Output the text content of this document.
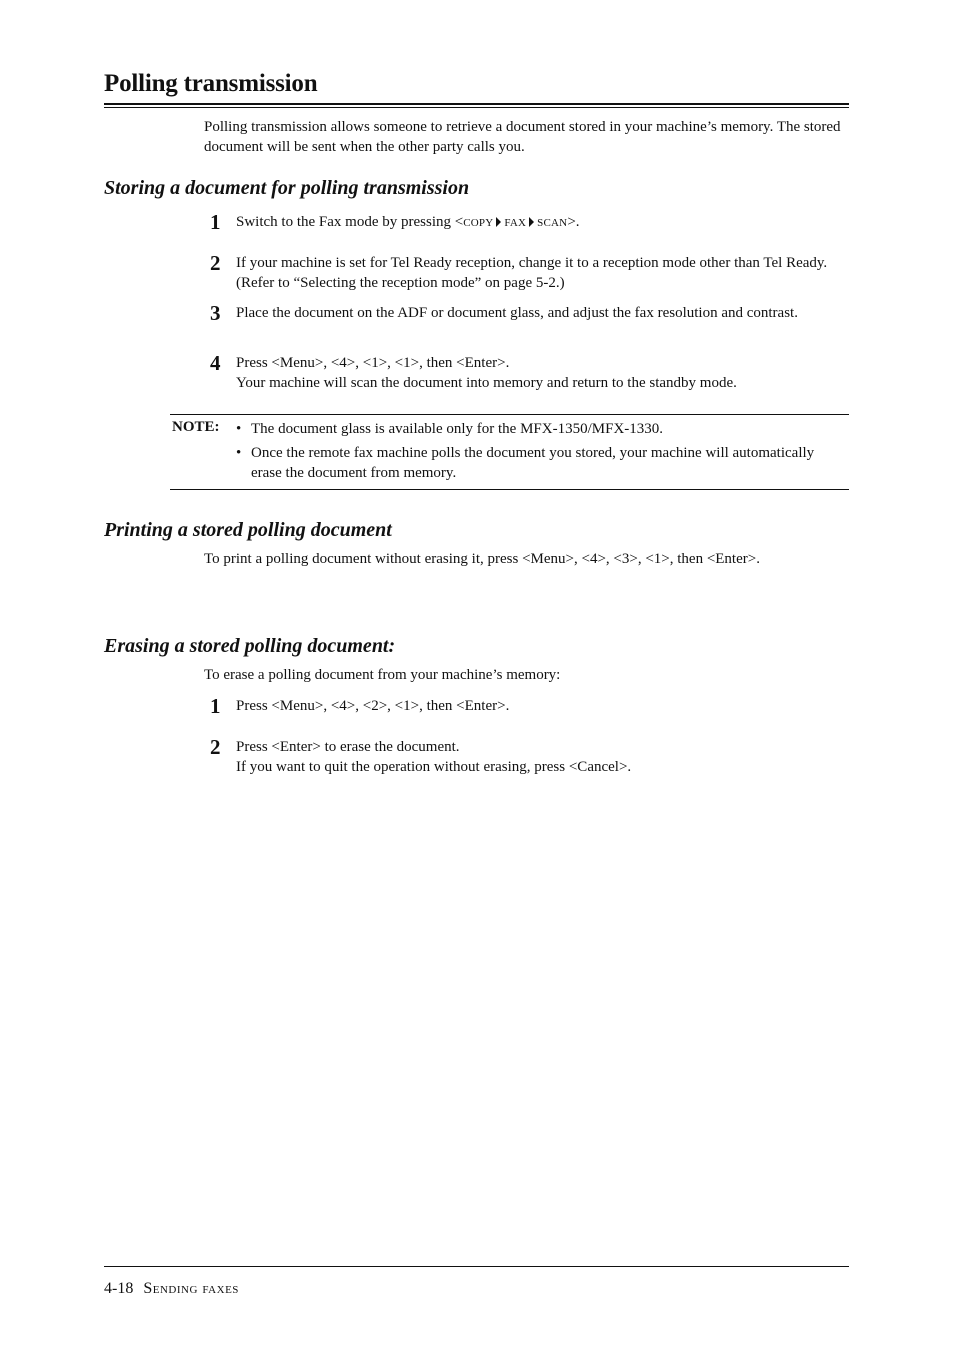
Polling transmission
Polling transmission allows someone to retrieve a document stored in your machine’s memory. The stored document will be sent when the other party calls you.
Storing a document for polling transmission
1 Switch to the Fax mode by pressing <COPY FAX SCAN>.
2 If your machine is set for Tel Ready reception, change it to a reception mode other than Tel Ready. (Refer to “Selecting the reception mode” on page 5-2.)
3 Place the document on the ADF or document glass, and adjust the fax resolution and contrast.
4 Press <Menu>, <4>, <1>, <1>, then <Enter>.
Your machine will scan the document into memory and return to the standby mode.
NOTE: • The document glass is available only for the MFX-1350/MFX-1330.
• Once the remote fax machine polls the document you stored, your machine will automatically erase the document from memory.
Printing a stored polling document
To print a polling document without erasing it, press <Menu>, <4>, <3>, <1>, then <Enter>.
Erasing a stored polling document:
To erase a polling document from your machine’s memory:
1 Press <Menu>, <4>, <2>, <1>, then <Enter>.
2 Press <Enter> to erase the document.
If you want to quit the operation without erasing, press <Cancel>.
4-18 Sending faxes
